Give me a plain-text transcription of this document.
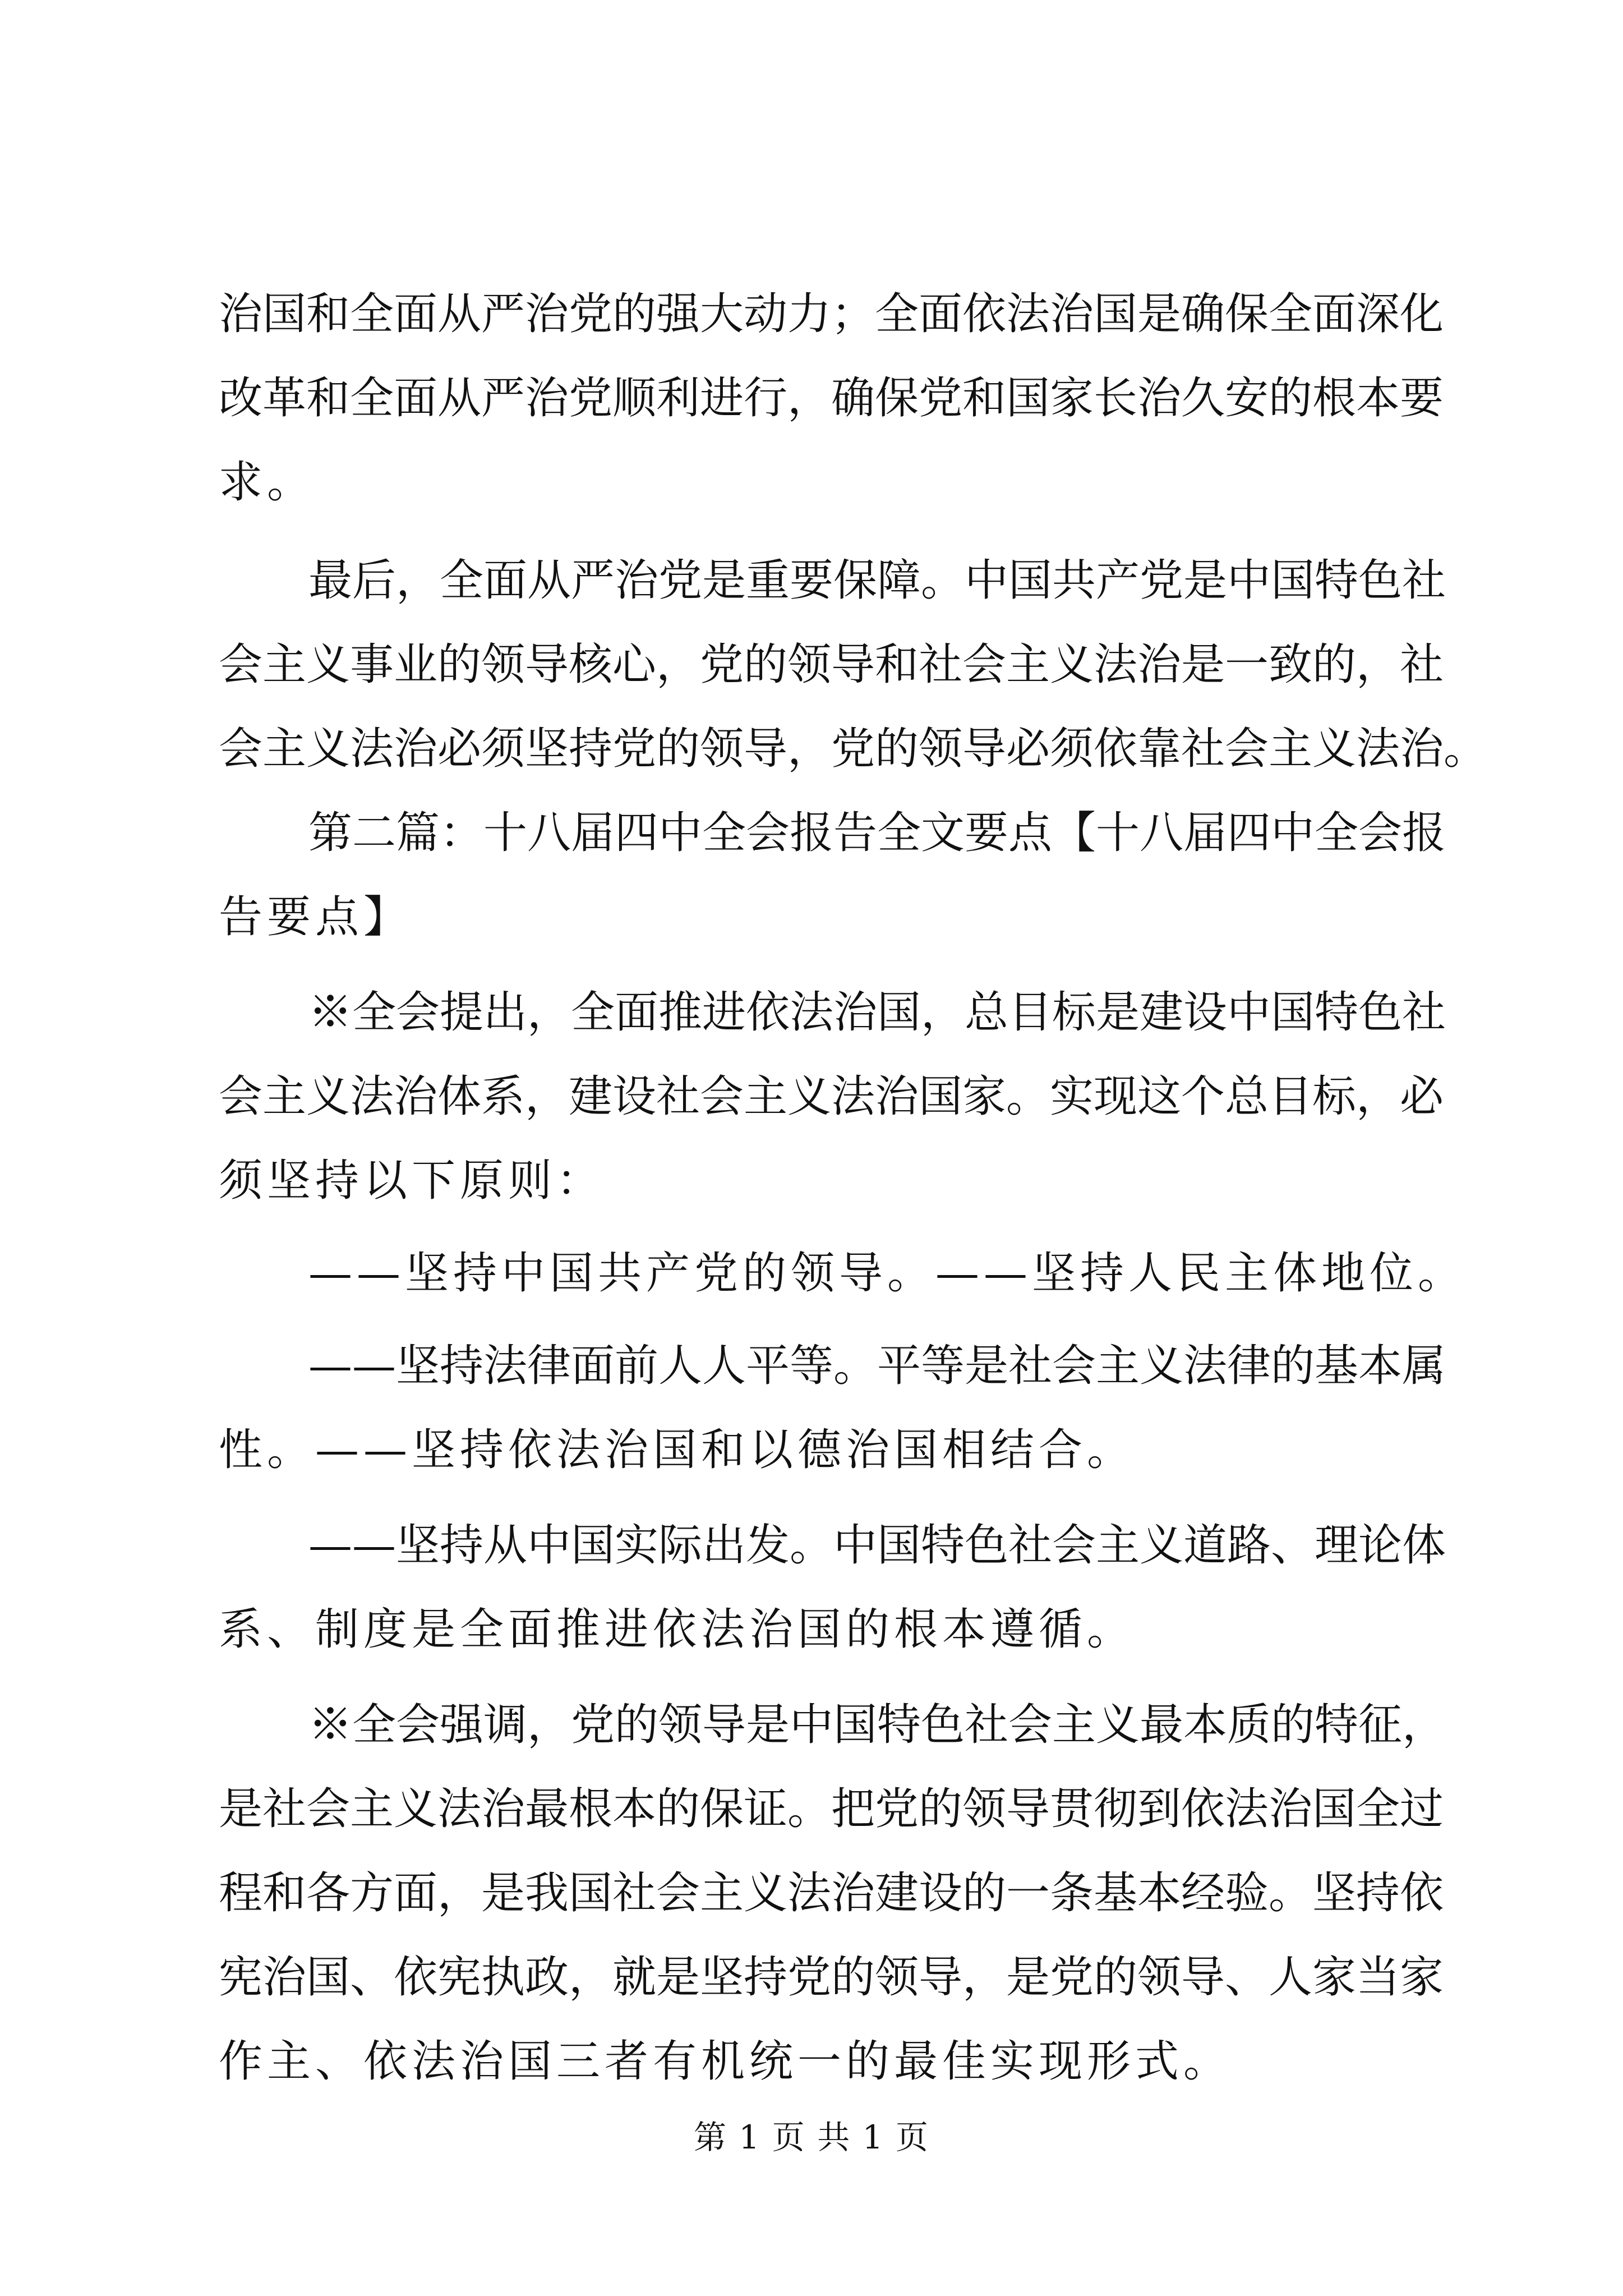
治国和全面从严治党的强大动力；全面依法治国是确保全面深化
改革和全面从严治党顺利进行，确保党和国家长治久安的根本要
求。
最后，全面从严治党是重要保障。中国共产党是中国特色社
会主义事业的领导核心，党的领导和社会主义法治是一致的，社
会主义法治必须坚持党的领导，党的领导必须依靠社会主义法治。
第二篇：十八届四中全会报告全文要点【十八届四中全会报
告要点】
※全会提出，全面推进依法治国，总目标是建设中国特色社
会主义法治体系，建设社会主义法治国家。实现这个总目标，必
须坚持以下原则：
——坚持中国共产党的领导。——坚持人民主体地位。
——坚持法律面前人人平等。平等是社会主义法律的基本属
性。——坚持依法治国和以德治国相结合。
——坚持从中国实际出发。中国特色社会主义道路、理论体
系、制度是全面推进依法治国的根本遵循。
※全会强调，党的领导是中国特色社会主义最本质的特征，
是社会主义法治最根本的保证。把党的领导贯彻到依法治国全过
程和各方面，是我国社会主义法治建设的一条基本经验。坚持依
宪治国、依宪执政，就是坚持党的领导，是党的领导、人家当家
作主、依法治国三者有机统一的最佳实现形式。
第 1 页 共 1 页
